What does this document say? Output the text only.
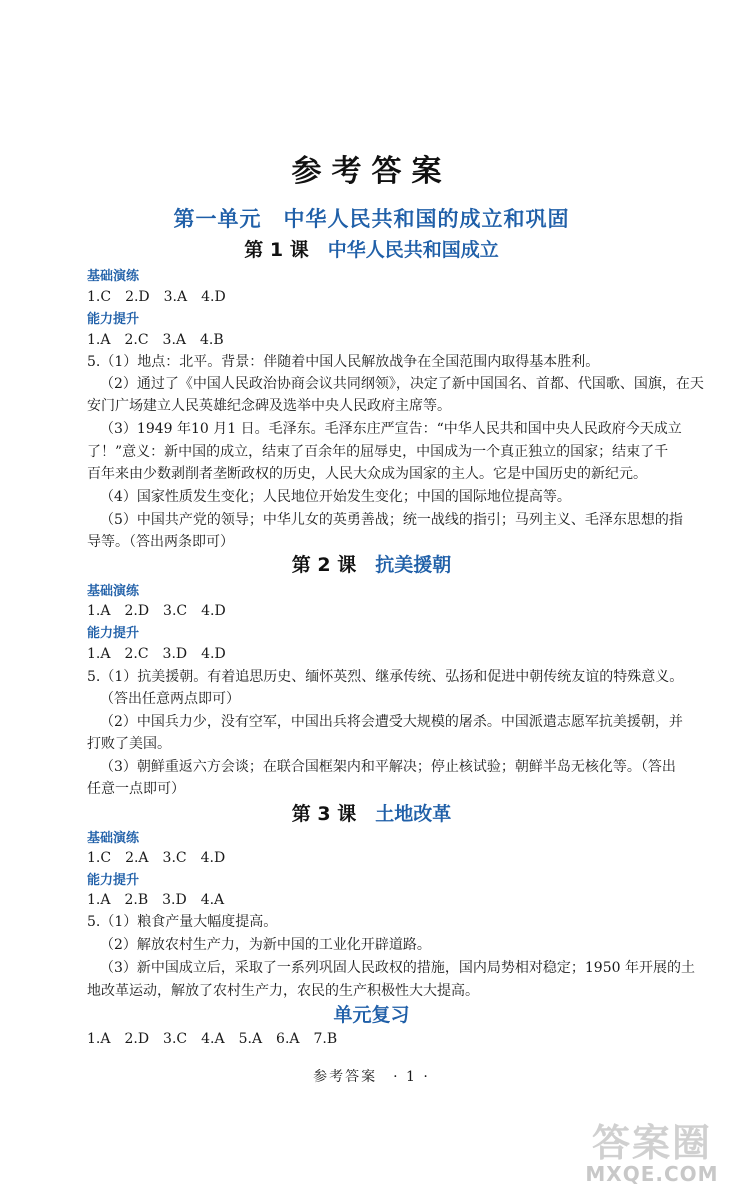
参考答案
第一单元　中华人民共和国的成立和巩固
第 1 课　 中华人民共和国成立
基础演练
1.C　2.D　3.A　4.D
能力提升
1.A　2.C　3.A　4.B
5.（1）地点：北平。背景：伴随着中国人民解放战争在全国范围内取得基本胜利。
（2）通过了《中国人民政治协商会议共同纲领》，决定了新中国国名、首都、代国歌、国旗，在天
安门广场建立人民英雄纪念碑及选举中央人民政府主席等。
（3）1949 年10 月1 日。毛泽东。毛泽东庄严宣告：“中华人民共和国中央人民政府今天成立
了！”意义：新中国的成立，结束了百余年的屈辱史，中国成为一个真正独立的国家；结束了千
百年来由少数剥削者垄断政权的历史，人民大众成为国家的主人。它是中国历史的新纪元。
（4）国家性质发生变化；人民地位开始发生变化；中国的国际地位提高等。
（5）中国共产党的领导；中华儿女的英勇善战；统一战线的指引；马列主义、毛泽东思想的指
导等。（答出两条即可）
第 2 课　 抗美援朝
基础演练
1.A　2.D　3.C　4.D
能力提升
1.A　2.C　3.D　4.D
5.（1）抗美援朝。有着追思历史、缅怀英烈、继承传统、弘扬和促进中朝传统友谊的特殊意义。
（答出任意两点即可）
（2）中国兵力少，没有空军，中国出兵将会遭受大规模的屠杀。中国派遣志愿军抗美援朝，并
打败了美国。
（3）朝鲜重返六方会谈；在联合国框架内和平解决；停止核试验；朝鲜半岛无核化等。（答出
任意一点即可）
第 3 课　 土地改革
基础演练
1.C　2.A　3.C　4.D
能力提升
1.A　2.B　3.D　4.A
5.（1）粮食产量大幅度提高。
（2）解放农村生产力，为新中国的工业化开辟道路。
（3）新中国成立后，采取了一系列巩固人民政权的措施，国内局势相对稳定；1950 年开展的土
地改革运动，解放了农村生产力，农民的生产积极性大大提高。
单元复习
1.A　2.D　3.C　4.A　5.A　6.A　7.B
参考答案　· 1 ·
答案圈
MXQE.COM
